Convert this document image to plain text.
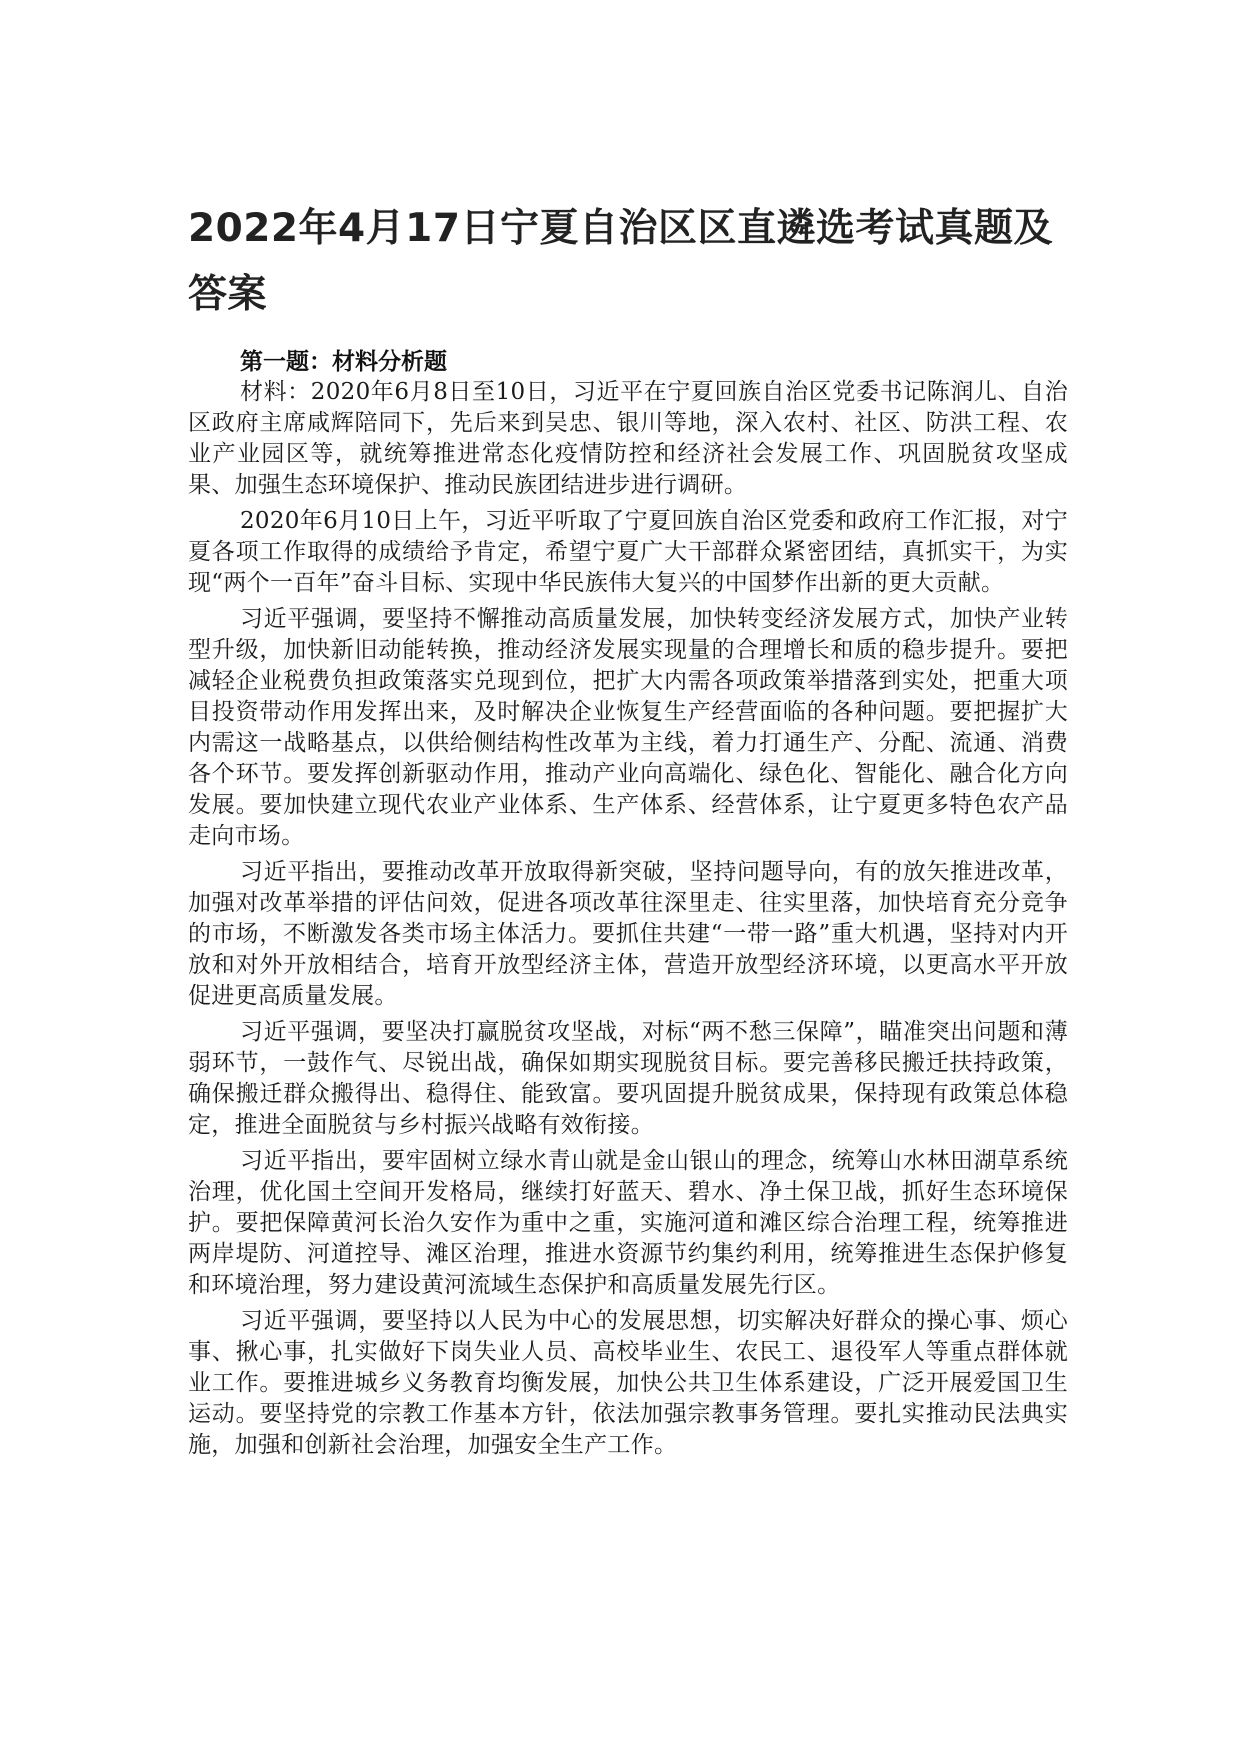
2022年4月17日宁夏自治区区直遴选考试真题及答案

第一题：材料分析题

材料：2020年6月8日至10日，习近平在宁夏回族自治区党委书记陈润儿、自治区政府主席咸辉陪同下，先后来到吴忠、银川等地，深入农村、社区、防洪工程、农业产业园区等，就统筹推进常态化疫情防控和经济社会发展工作、巩固脱贫攻坚成果、加强生态环境保护、推动民族团结进步进行调研。

2020年6月10日上午，习近平听取了宁夏回族自治区党委和政府工作汇报，对宁夏各项工作取得的成绩给予肯定，希望宁夏广大干部群众紧密团结，真抓实干，为实现“两个一百年”奋斗目标、实现中华民族伟大复兴的中国梦作出新的更大贡献。

习近平强调，要坚持不懈推动高质量发展，加快转变经济发展方式，加快产业转型升级，加快新旧动能转换，推动经济发展实现量的合理增长和质的稳步提升。要把减轻企业税费负担政策落实兑现到位，把扩大内需各项政策举措落到实处，把重大项目投资带动作用发挥出来，及时解决企业恢复生产经营面临的各种问题。要把握扩大内需这一战略基点，以供给侧结构性改革为主线，着力打通生产、分配、流通、消费各个环节。要发挥创新驱动作用，推动产业向高端化、绿色化、智能化、融合化方向发展。要加快建立现代农业产业体系、生产体系、经营体系，让宁夏更多特色农产品走向市场。

习近平指出，要推动改革开放取得新突破，坚持问题导向，有的放矢推进改革，加强对改革举措的评估问效，促进各项改革往深里走、往实里落，加快培育充分竞争的市场，不断激发各类市场主体活力。要抓住共建“一带一路”重大机遇，坚持对内开放和对外开放相结合，培育开放型经济主体，营造开放型经济环境，以更高水平开放促进更高质量发展。

习近平强调，要坚决打赢脱贫攻坚战，对标“两不愁三保障”，瞄准突出问题和薄弱环节，一鼓作气、尽锐出战，确保如期实现脱贫目标。要完善移民搬迁扶持政策，确保搬迁群众搬得出、稳得住、能致富。要巩固提升脱贫成果，保持现有政策总体稳定，推进全面脱贫与乡村振兴战略有效衔接。

习近平指出，要牢固树立绿水青山就是金山银山的理念，统筹山水林田湖草系统治理，优化国土空间开发格局，继续打好蓝天、碧水、净土保卫战，抓好生态环境保护。要把保障黄河长治久安作为重中之重，实施河道和滩区综合治理工程，统筹推进两岸堤防、河道控导、滩区治理，推进水资源节约集约利用，统筹推进生态保护修复和环境治理，努力建设黄河流域生态保护和高质量发展先行区。

习近平强调，要坚持以人民为中心的发展思想，切实解决好群众的操心事、烦心事、揪心事，扎实做好下岗失业人员、高校毕业生、农民工、退役军人等重点群体就业工作。要推进城乡义务教育均衡发展，加快公共卫生体系建设，广泛开展爱国卫生运动。要坚持党的宗教工作基本方针，依法加强宗教事务管理。要扎实推动民法典实施，加强和创新社会治理，加强安全生产工作。
